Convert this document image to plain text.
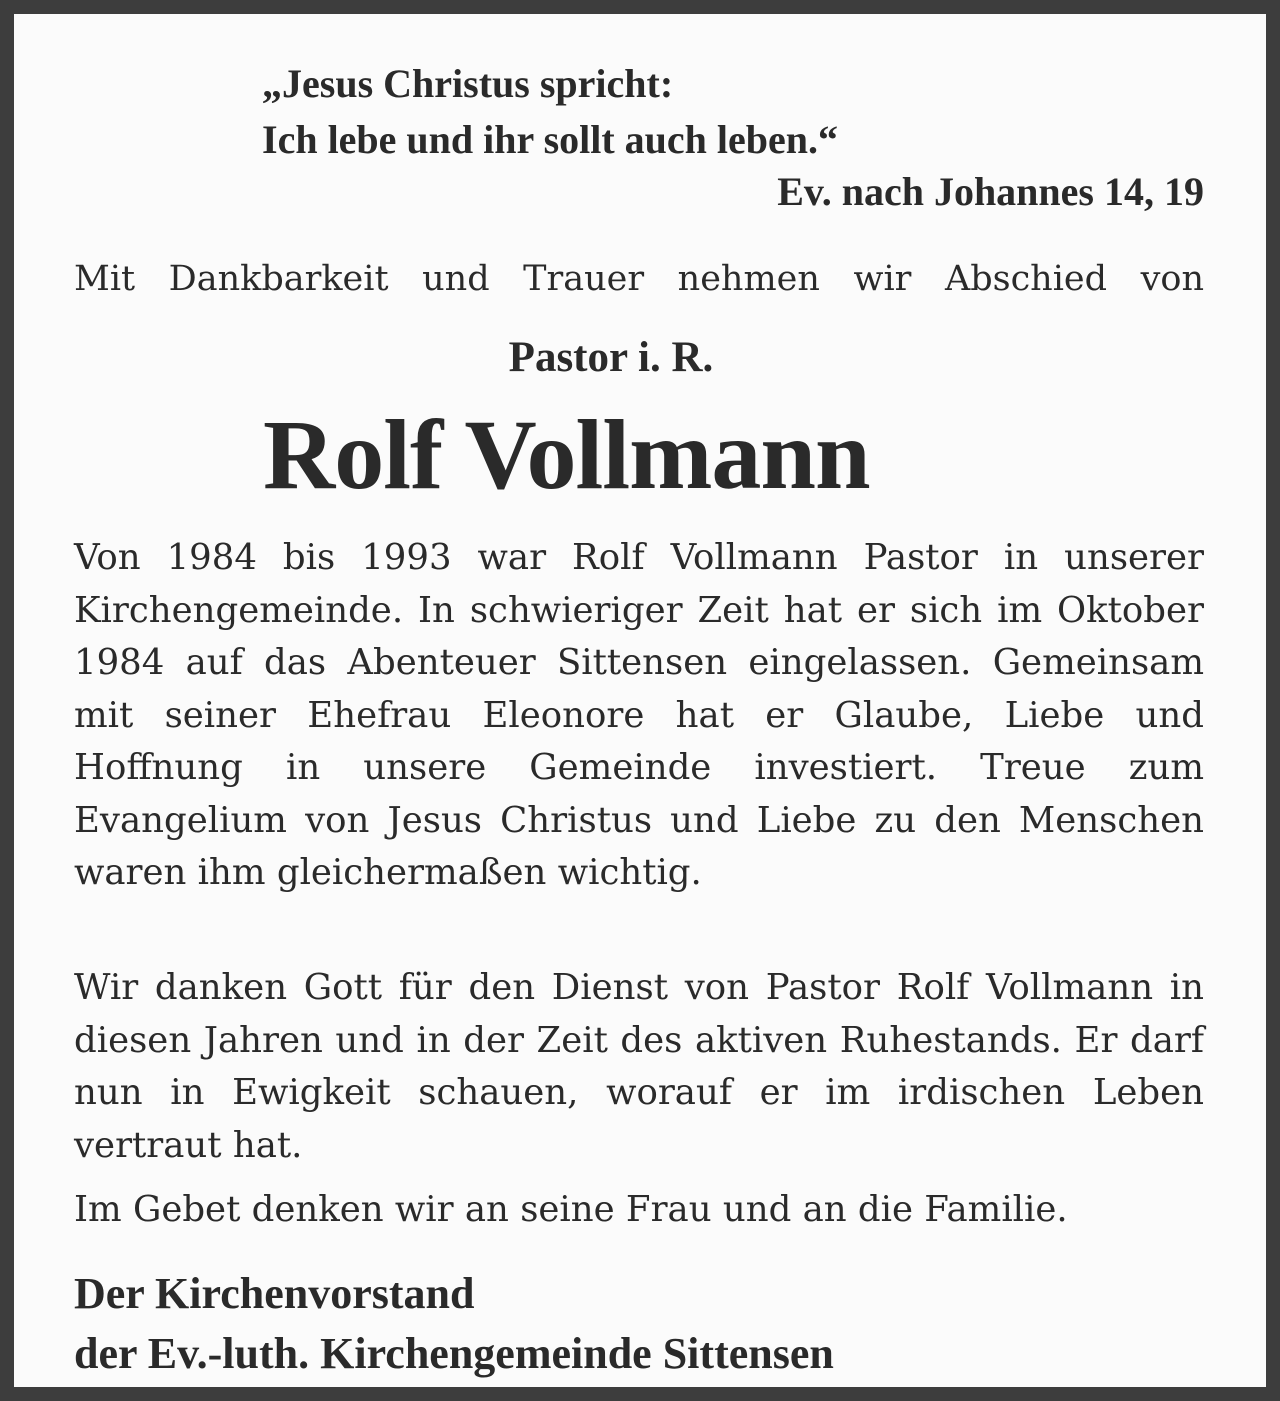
„Jesus Christus spricht:

Ich lebe und ihr sollt auch leben.“

Ev. nach Johannes 14, 19

Mit Dankbarkeit und Trauer nehmen wir Abschied von

Pastor i. R.

Rolf Vollmann

Von 1984 bis 1993 war Rolf Vollmann Pastor in unserer Kirchengemeinde. In schwieriger Zeit hat er sich im Oktober 1984 auf das Abenteuer Sittensen eingelassen. Gemeinsam mit seiner Ehefrau Eleonore hat er Glaube, Liebe und Hoffnung in unsere Gemeinde investiert. Treue zum Evangelium von Jesus Christus und Liebe zu den Menschen waren ihm gleichermaßen wichtig.

Wir danken Gott für den Dienst von Pastor Rolf Vollmann in diesen Jahren und in der Zeit des aktiven Ruhestands. Er darf nun in Ewigkeit schauen, worauf er im irdischen Leben vertraut hat.

Im Gebet denken wir an seine Frau und an die Familie.

Der Kirchenvorstand

der Ev.-luth. Kirchengemeinde Sittensen
